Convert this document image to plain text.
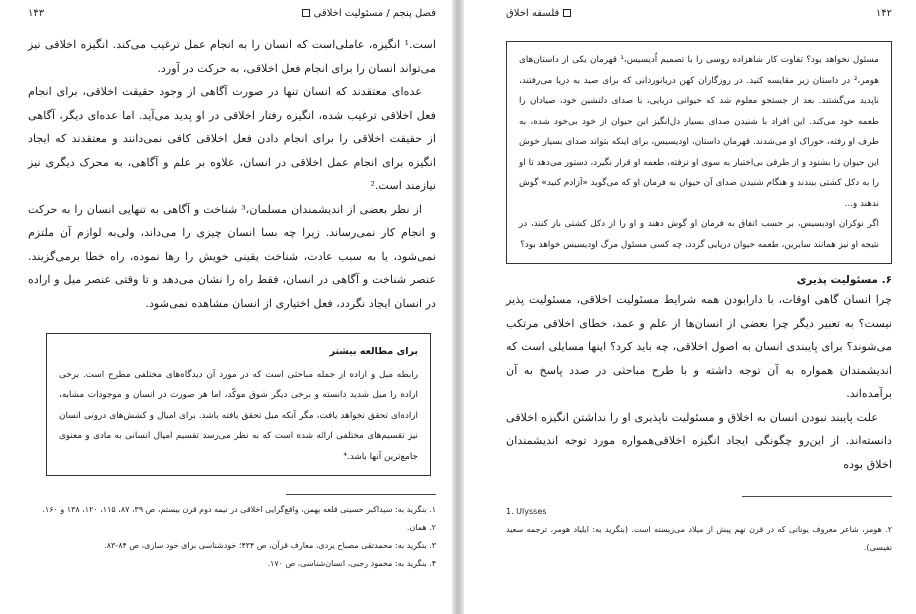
فصل پنجم / مسئولیت اخلاقی
۱۴۳

است.¹ انگیزه، عاملی‌است که انسان را به انجام عمل ترغیب می‌کند. انگیزه اخلاقی نیز می‌تواند انسان را برای انجام فعل اخلاقی، به حرکت در آورد.

عده‌ای معتقدند که انسان تنها در صورت آگاهی از وجود حقیقت اخلاقی، برای انجام فعل اخلاقی ترغیب شده، انگیزه رفتار اخلاقی در او پدید می‌آید. اما عده‌ای دیگر، آگاهی از حقیقت اخلاقی را برای انجام دادن فعل اخلاقی کافی نمی‌دانند و معتقدند که ایجاد انگیزه برای انجام عمل اخلاقی در انسان، علاوه بر علم و آگاهی، به محرک دیگری نیز نیازمند است.²

از نظر بعضی از اندیشمندان مسلمان،³ شناخت و آگاهی به تنهایی انسان را به حرکت و انجام کار نمی‌رساند. زیرا چه بسا انسان چیزی را می‌داند، ولی‌به لوازم آن ملتزم نمی‌شود، یا به سبب عادت، شناخت یقینی خویش را رها نموده، راه خطا برمی‌گزیند. عنصر شناخت و آگاهی در انسان، فقط راه را نشان می‌دهد و تا وقتی عنصر میل و اراده در انسان ایجاد نگردد، فعل اختیاری از انسان مشاهده نمی‌شود.

برای مطالعه بیشتر

رابطه میل و اراده از جمله مباحثی است که در مورد آن دیدگاه‌های مختلفی مطرح است. برخی اراده را میل شدید دانسته و برخی دیگر شوق موکّد، اما هر صورت در انسان و موجودات مشابه، اراده‌ای تحقق نخواهد یافت، مگر آنکه میل تحقق یافته باشد. برای امیال و کشش‌های درونی انسان نیز تقسیم‌های مختلفی ارائه شده است که به نظر می‌رسد تقسیم امیال انسانی به مادی و معنوی جامع‌ترین آنها باشد.⁴

۱. بنگرید به: سیداکبر حسینی قلعه بهمن، واقع‌گرایی اخلاقی در نیمه دوم قرن بیستم، ص ۳۹، ۸۷، ۱۱۵، ۱۲۰، ۱۳۸ و ۱۶۰.

۲. همان.

۳. بنگرید به: محمدتقی مصباح یزدی، معارف قرآن، ص ۴۳۴؛ خودشناسی برای خود سازی، ص ۸۴-۸۳.

۴. بنگرید به: محمود رجبی، انسان‌شناسی، ص ۱۷۰.

۱۴۲
فلسفه اخلاق

مسئول نخواهد بود؟ تفاوت کار شاهزاده روسی را با تصمیم اُدیسیس،¹ قهرمان یکی از داستان‌های هومر،² در داستان زیر مقایسه کنید. در روزگاران کهن دریانوردانی که برای صید به دریا می‌رفتند، ناپدید می‌گشتند. بعد از جستجو معلوم شد که حیوانی دریایی، با صدای دلنشین خود، صیادان را طعمه خود می‌کند. این افراد با شنیدن صدای بسیار دل‌انگیز این حیوان از خود بی‌خود شده، به طرف او رفته، خوراک او می‌شدند. قهرمان داستان، اودیسیس، برای اینکه بتواند صدای بسیار خوش این حیوان را بشنود و از طرفی بی‌اختیار به سوی او نرفته، طعمه او قرار نگیرد، دستور می‌دهد تا او را به دکل کشتی ببندند و هنگام شنیدن صدای آن حیوان به فرمان او که می‌گوید «آزادم کنید» گوش ندهند و...

اگر نوکران اودیسیس، بر حسب اتفاق به فرمان او گوش دهند و او را از دکل کشتی باز کنند، در نتیجه او نیز همانند سایرین، طعمه حیوان دریایی گردد، چه کسی مسئول مرگ اودیسیس خواهد بود؟

۶. مسئولیت پذیری

چرا انسان گاهی اوقات، با دارابودن همه شرایط مسئولیت اخلاقی، مسئولیت پذیر نیست؟ به تعبیر دیگر چرا بعضی از انسان‌ها از علم و عمد، خطای اخلاقی مرتکب می‌شوند؟ برای پایبندی انسان به اصول اخلاقی، چه باید کرد؟ اینها مسایلی است که اندیشمندان همواره به آن توجه داشته و با طرح مباحثی در صدد پاسخ به آن برآمده‌اند.

علت پایبند نبودن انسان به اخلاق و مسئولیت ناپذیری او را نداشتن انگیزه اخلاقی دانسته‌اند. از این‌رو چگونگی ایجاد انگیزه اخلاقی‌همواره مورد توجه اندیشمندان اخلاق بوده

1. Ulysses

۲. هومر، شاعر معروف یونانی که در قرن نهم پیش از میلاد می‌زیسته است. (بنگرید به: ایلیاد هومر، ترجمه سعید نفیسی).
